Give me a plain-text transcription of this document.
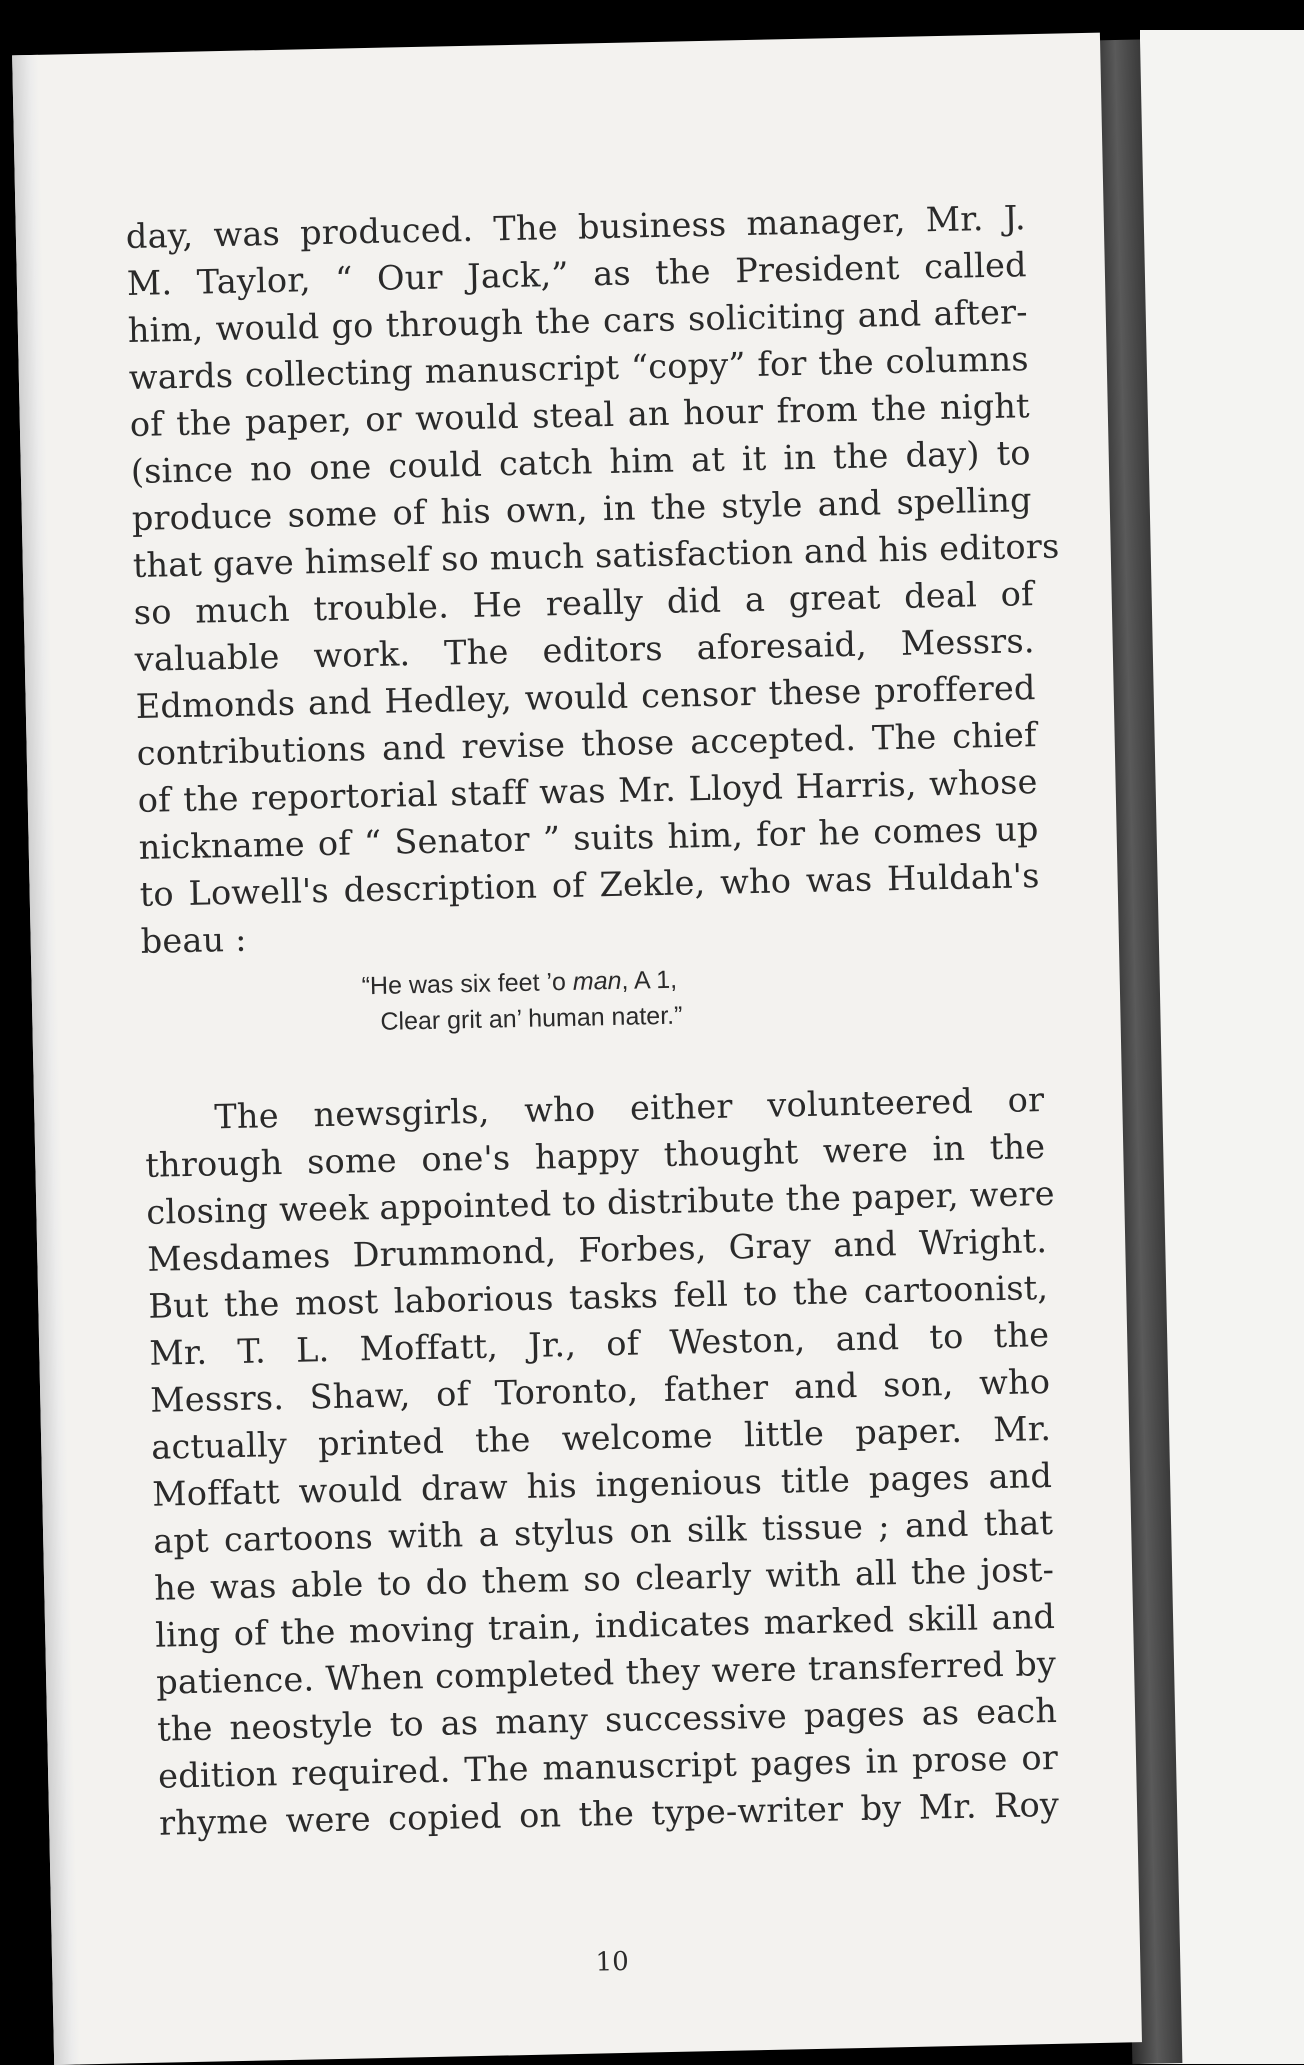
day, was produced. The business manager, Mr. J.
M. Taylor, “ Our Jack,” as the President called
him, would go through the cars soliciting and after-
wards collecting manuscript “copy” for the columns
of the paper, or would steal an hour from the night
(since no one could catch him at it in the day) to
produce some of his own, in the style and spelling
that gave himself so much satisfaction and his editors
so much trouble. He really did a great deal of
valuable work. The editors aforesaid, Messrs.
Edmonds and Hedley, would censor these proffered
contributions and revise those accepted. The chief
of the reportorial staff was Mr. Lloyd Harris, whose
nickname of “ Senator ” suits him, for he comes up
to Lowell's description of Zekle, who was Huldah's
beau :
“He was six feet ’o man, A 1,
Clear grit an’ human nater.”
The newsgirls, who either volunteered or
through some one's happy thought were in the
closing week appointed to distribute the paper, were
Mesdames Drummond, Forbes, Gray and Wright.
But the most laborious tasks fell to the cartoonist,
Mr. T. L. Moffatt, Jr., of Weston, and to the
Messrs. Shaw, of Toronto, father and son, who
actually printed the welcome little paper. Mr.
Moffatt would draw his ingenious title pages and
apt cartoons with a stylus on silk tissue ; and that
he was able to do them so clearly with all the jost-
ling of the moving train, indicates marked skill and
patience. When completed they were transferred by
the neostyle to as many successive pages as each
edition required. The manuscript pages in prose or
rhyme were copied on the type-writer by Mr. Roy
10
